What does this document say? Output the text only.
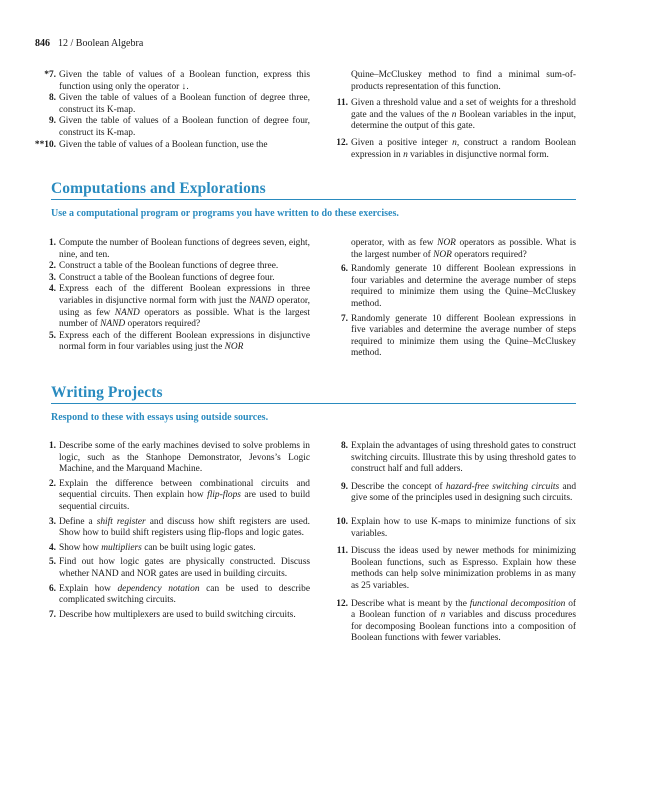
846 12 / Boolean Algebra
*7. Given the table of values of a Boolean function, express this function using only the operator ↓.
8. Given the table of values of a Boolean function of degree three, construct its K-map.
9. Given the table of values of a Boolean function of degree four, construct its K-map.
**10. Given the table of values of a Boolean function, use the
Quine–McCluskey method to find a minimal sum-of-products representation of this function.
11. Given a threshold value and a set of weights for a threshold gate and the values of the n Boolean variables in the input, determine the output of this gate.
12. Given a positive integer n, construct a random Boolean expression in n variables in disjunctive normal form.
Computations and Explorations
Use a computational program or programs you have written to do these exercises.
1. Compute the number of Boolean functions of degrees seven, eight, nine, and ten.
2. Construct a table of the Boolean functions of degree three.
3. Construct a table of the Boolean functions of degree four.
4. Express each of the different Boolean expressions in three variables in disjunctive normal form with just the NAND operator, using as few NAND operators as possible. What is the largest number of NAND operators required?
5. Express each of the different Boolean expressions in disjunctive normal form in four variables using just the NOR
operator, with as few NOR operators as possible. What is the largest number of NOR operators required?
6. Randomly generate 10 different Boolean expressions in four variables and determine the average number of steps required to minimize them using the Quine–McCluskey method.
7. Randomly generate 10 different Boolean expressions in five variables and determine the average number of steps required to minimize them using the Quine–McCluskey method.
Writing Projects
Respond to these with essays using outside sources.
1. Describe some of the early machines devised to solve problems in logic, such as the Stanhope Demonstrator, Jevons’s Logic Machine, and the Marquand Machine.
2. Explain the difference between combinational circuits and sequential circuits. Then explain how flip-flops are used to build sequential circuits.
3. Define a shift register and discuss how shift registers are used. Show how to build shift registers using flip-flops and logic gates.
4. Show how multipliers can be built using logic gates.
5. Find out how logic gates are physically constructed. Discuss whether NAND and NOR gates are used in building circuits.
6. Explain how dependency notation can be used to describe complicated switching circuits.
7. Describe how multiplexers are used to build switching circuits.
8. Explain the advantages of using threshold gates to construct switching circuits. Illustrate this by using threshold gates to construct half and full adders.
9. Describe the concept of hazard-free switching circuits and give some of the principles used in designing such circuits.
10. Explain how to use K-maps to minimize functions of six variables.
11. Discuss the ideas used by newer methods for minimizing Boolean functions, such as Espresso. Explain how these methods can help solve minimization problems in as many as 25 variables.
12. Describe what is meant by the functional decomposition of a Boolean function of n variables and discuss procedures for decomposing Boolean functions into a composition of Boolean functions with fewer variables.
